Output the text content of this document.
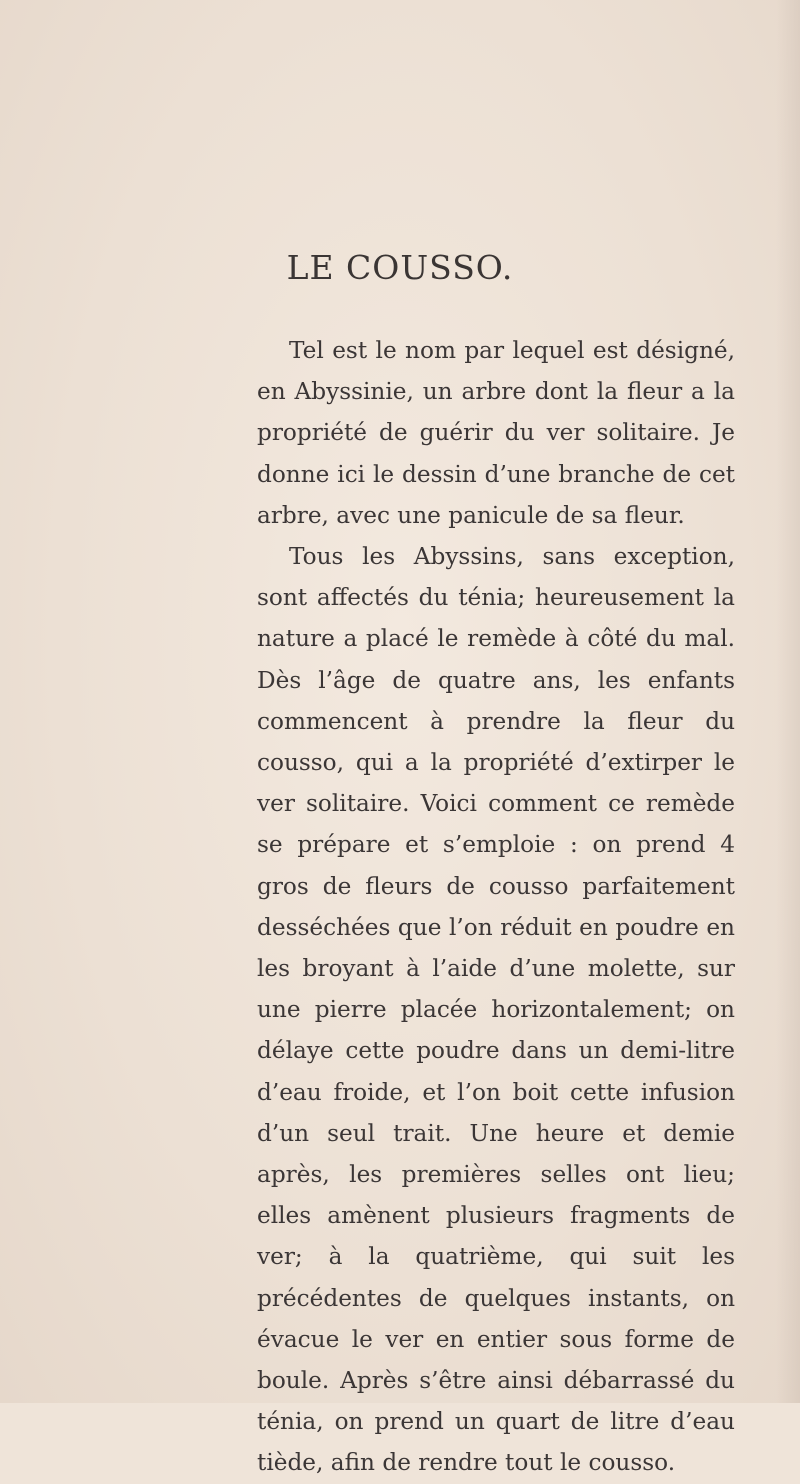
LE COUSSO.

Tel est le nom par lequel est désigné, en Abyssinie, un arbre dont la fleur a la propriété de guérir du ver solitaire. Je donne ici le dessin d’une branche de cet arbre, avec une panicule de sa fleur.

Tous les Abyssins, sans exception, sont affectés du ténia; heureusement la nature a placé le remède à côté du mal. Dès l’âge de quatre ans, les enfants commencent à prendre la fleur du cousso, qui a la propriété d’extirper le ver solitaire. Voici comment ce remède se prépare et s’emploie : on prend 4 gros de fleurs de cousso parfaitement desséchées que l’on réduit en poudre en les broyant à l’aide d’une molette, sur une pierre placée horizontalement; on délaye cette poudre dans un demi-litre d’eau froide, et l’on boit cette infusion d’un seul trait. Une heure et demie après, les premières selles ont lieu; elles amènent plusieurs fragments de ver; à la quatrième, qui suit les précédentes de quelques instants, on évacue le ver en entier sous forme de boule. Après s’être ainsi débarrassé du ténia, on prend un quart de litre d’eau tiède, afin de rendre tout le cousso.
